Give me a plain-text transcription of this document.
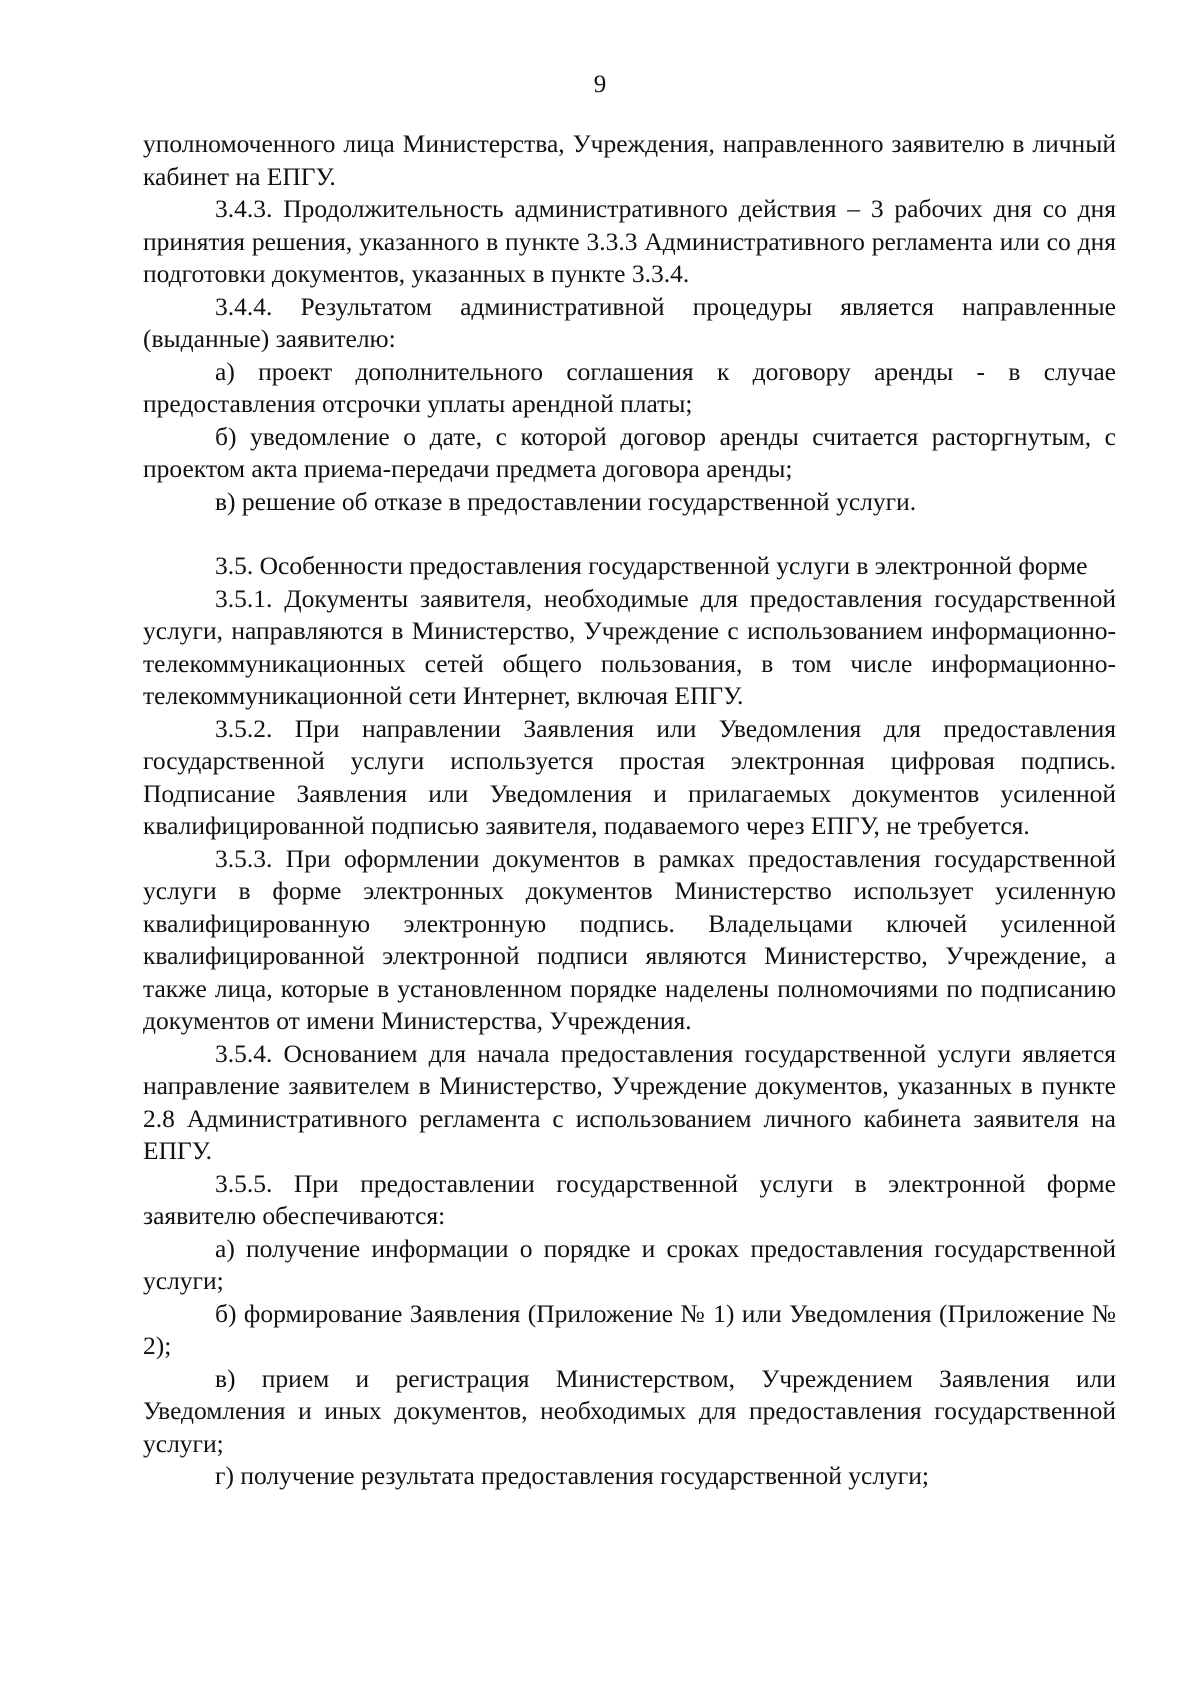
9

уполномоченного лица Министерства, Учреждения, направленного заявителю в личный кабинет на ЕПГУ.

3.4.3. Продолжительность административного действия – 3 рабочих дня со дня принятия решения, указанного в пункте 3.3.3 Административного регламента или со дня подготовки документов, указанных в пункте 3.3.4.

3.4.4. Результатом административной процедуры является направленные (выданные) заявителю:

а) проект дополнительного соглашения к договору аренды - в случае предоставления отсрочки уплаты арендной платы;

б) уведомление о дате, с которой договор аренды считается расторгнутым, с проектом акта приема-передачи предмета договора аренды;

в) решение об отказе в предоставлении государственной услуги.

3.5. Особенности предоставления государственной услуги в электронной форме

3.5.1. Документы заявителя, необходимые для предоставления государственной услуги, направляются в Министерство, Учреждение с использованием информационно-телекоммуникационных сетей общего пользования, в том числе информационно-телекоммуникационной сети Интернет, включая ЕПГУ.

3.5.2. При направлении Заявления или Уведомления для предоставления государственной услуги используется простая электронная цифровая подпись. Подписание Заявления или Уведомления и прилагаемых документов усиленной квалифицированной подписью заявителя, подаваемого через ЕПГУ, не требуется.

3.5.3. При оформлении документов в рамках предоставления государственной услуги в форме электронных документов Министерство использует усиленную квалифицированную электронную подпись. Владельцами ключей усиленной квалифицированной электронной подписи являются Министерство, Учреждение, а также лица, которые в установленном порядке наделены полномочиями по подписанию документов от имени Министерства, Учреждения.

3.5.4. Основанием для начала предоставления государственной услуги является направление заявителем в Министерство, Учреждение документов, указанных в пункте 2.8 Административного регламента с использованием личного кабинета заявителя на ЕПГУ.

3.5.5. При предоставлении государственной услуги в электронной форме заявителю обеспечиваются:

а) получение информации о порядке и сроках предоставления государственной услуги;

б) формирование Заявления (Приложение № 1) или Уведомления (Приложение № 2);

в) прием и регистрация Министерством, Учреждением Заявления или Уведомления и иных документов, необходимых для предоставления государственной услуги;

г) получение результата предоставления государственной услуги;
